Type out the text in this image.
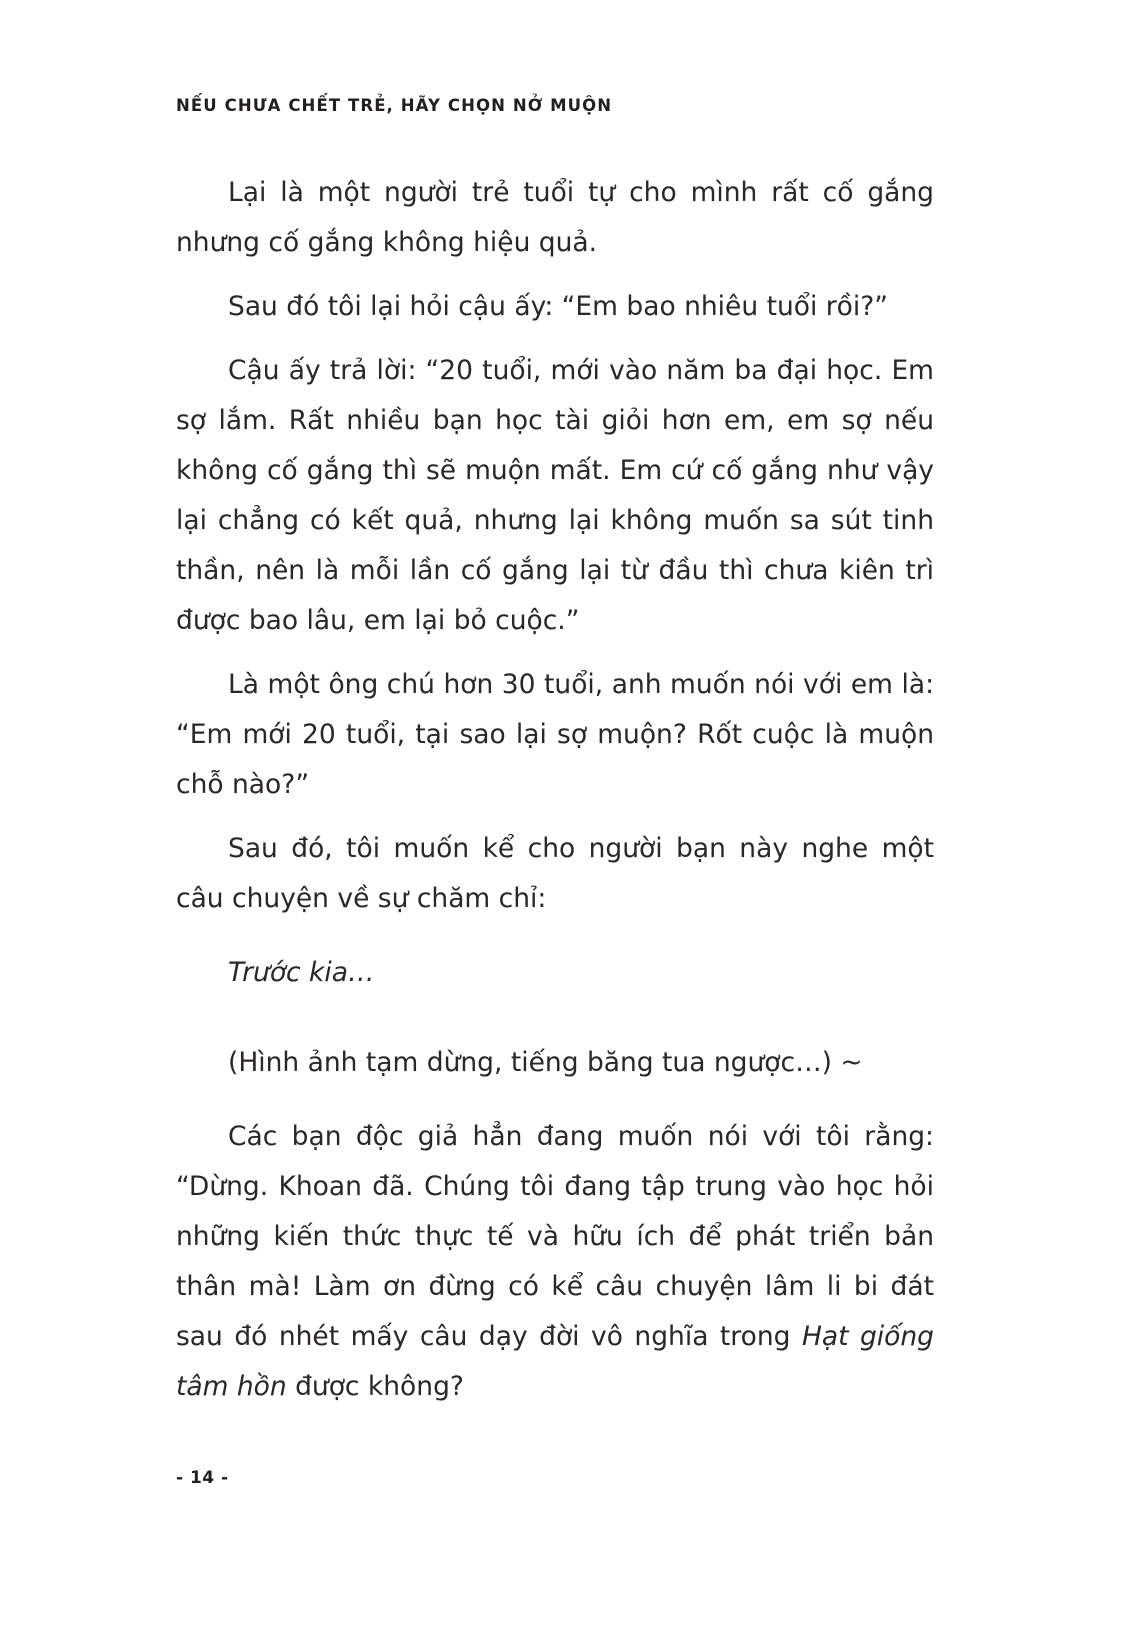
NẾU CHƯA CHẾT TRẺ, HÃY CHỌN NỞ MUỘN

Lại là một người trẻ tuổi tự cho mình rất cố gắng nhưng cố gắng không hiệu quả.

Sau đó tôi lại hỏi cậu ấy: “Em bao nhiêu tuổi rồi?”

Cậu ấy trả lời: “20 tuổi, mới vào năm ba đại học. Em sợ lắm. Rất nhiều bạn học tài giỏi hơn em, em sợ nếu không cố gắng thì sẽ muộn mất. Em cứ cố gắng như vậy lại chẳng có kết quả, nhưng lại không muốn sa sút tinh thần, nên là mỗi lần cố gắng lại từ đầu thì chưa kiên trì được bao lâu, em lại bỏ cuộc.”

Là một ông chú hơn 30 tuổi, anh muốn nói với em là: “Em mới 20 tuổi, tại sao lại sợ muộn? Rốt cuộc là muộn chỗ nào?”

Sau đó, tôi muốn kể cho người bạn này nghe một câu chuyện về sự chăm chỉ:

Trước kia…

(Hình ảnh tạm dừng, tiếng băng tua ngược…) ~

Các bạn độc giả hẳn đang muốn nói với tôi rằng: “Dừng. Khoan đã. Chúng tôi đang tập trung vào học hỏi những kiến thức thực tế và hữu ích để phát triển bản thân mà! Làm ơn đừng có kể câu chuyện lâm li bi đát sau đó nhét mấy câu dạy đời vô nghĩa trong Hạt giống tâm hồn được không?

- 14 -
